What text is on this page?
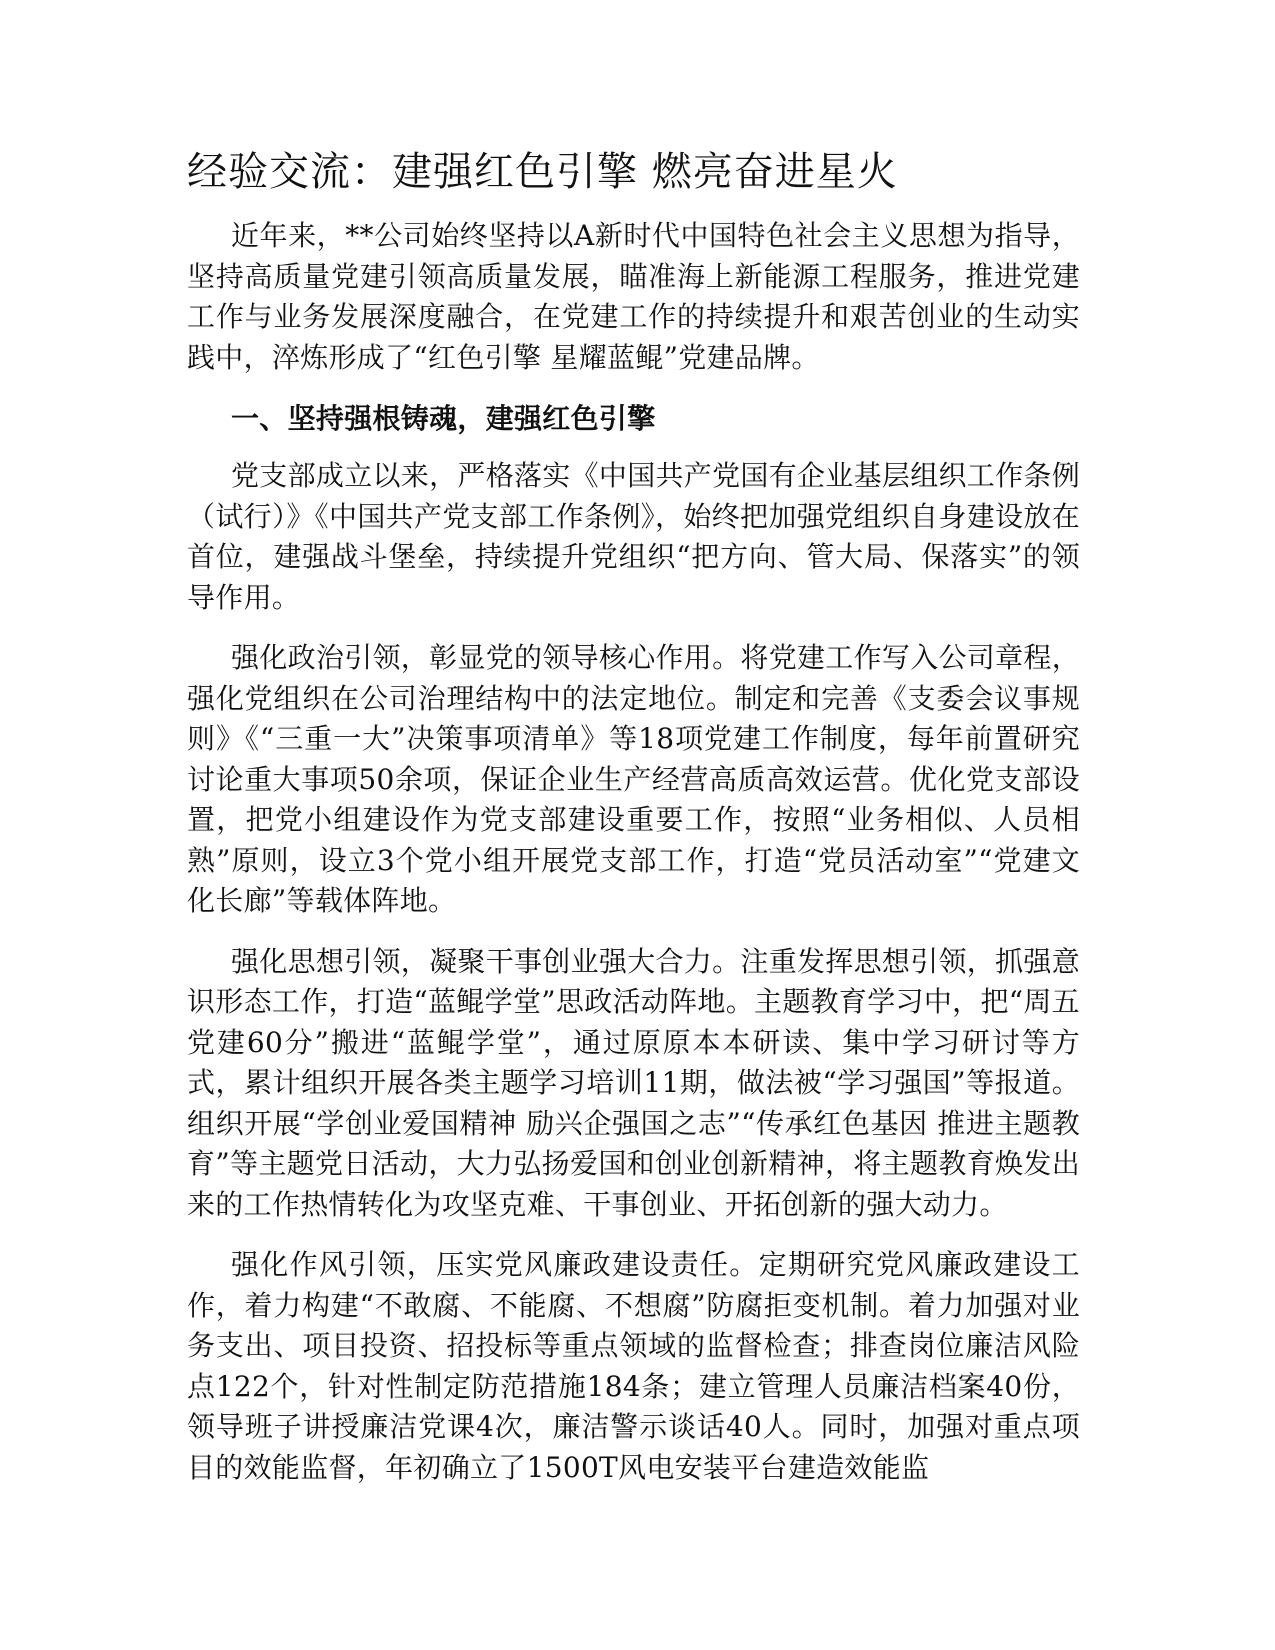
经验交流：建强红色引擎 燃亮奋进星火

近年来，**公司始终坚持以A新时代中国特色社会主义思想为指导，坚持高质量党建引领高质量发展，瞄准海上新能源工程服务，推进党建工作与业务发展深度融合，在党建工作的持续提升和艰苦创业的生动实践中，淬炼形成了“红色引擎 星耀蓝鲲”党建品牌。

一、坚持强根铸魂，建强红色引擎

党支部成立以来，严格落实《中国共产党国有企业基层组织工作条例（试行）》《中国共产党支部工作条例》，始终把加强党组织自身建设放在首位，建强战斗堡垒，持续提升党组织“把方向、管大局、保落实”的领导作用。

强化政治引领，彰显党的领导核心作用。将党建工作写入公司章程，强化党组织在公司治理结构中的法定地位。制定和完善《支委会议事规则》《“三重一大”决策事项清单》等18项党建工作制度，每年前置研究讨论重大事项50余项，保证企业生产经营高质高效运营。优化党支部设置，把党小组建设作为党支部建设重要工作，按照“业务相似、人员相熟”原则，设立3个党小组开展党支部工作，打造“党员活动室”“党建文化长廊”等载体阵地。

强化思想引领，凝聚干事创业强大合力。注重发挥思想引领，抓强意识形态工作，打造“蓝鲲学堂”思政活动阵地。主题教育学习中，把“周五党建60分”搬进“蓝鲲学堂”，通过原原本本研读、集中学习研讨等方式，累计组织开展各类主题学习培训11期，做法被“学习强国”等报道。组织开展“学创业爱国精神 励兴企强国之志”“传承红色基因 推进主题教育”等主题党日活动，大力弘扬爱国和创业创新精神，将主题教育焕发出来的工作热情转化为攻坚克难、干事创业、开拓创新的强大动力。

强化作风引领，压实党风廉政建设责任。定期研究党风廉政建设工作，着力构建“不敢腐、不能腐、不想腐”防腐拒变机制。着力加强对业务支出、项目投资、招投标等重点领域的监督检查；排查岗位廉洁风险点122个，针对性制定防范措施184条；建立管理人员廉洁档案40份，领导班子讲授廉洁党课4次，廉洁警示谈话40人。同时，加强对重点项目的效能监督，年初确立了1500T风电安装平台建造效能监
